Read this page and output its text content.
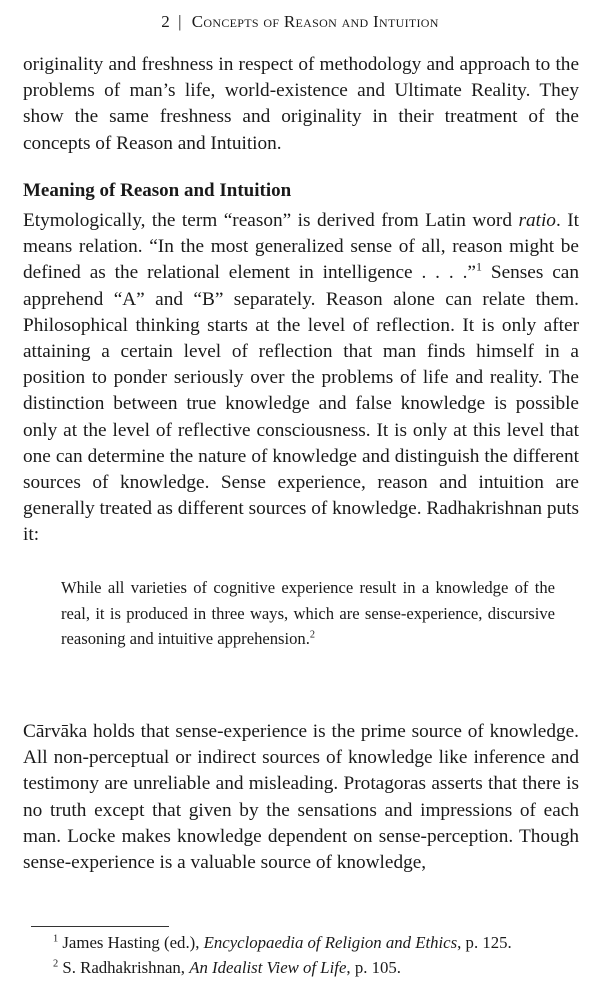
2 | Concepts of Reason and Intuition

originality and freshness in respect of methodology and approach to the problems of man’s life, world-existence and Ultimate Reality. They show the same freshness and originality in their treatment of the concepts of Reason and Intuition.

Meaning of Reason and Intuition

Etymologically, the term “reason” is derived from Latin word ratio. It means relation. “In the most generalized sense of all, reason might be defined as the relational element in intelligence . . . .”$^1$ Senses can apprehend “A” and “B” separately. Reason alone can relate them. Philosophical thinking starts at the level of reflection. It is only after attaining a certain level of reflection that man finds himself in a position to ponder seriously over the problems of life and reality. The distinction between true knowledge and false knowledge is possible only at the level of reflective consciousness. It is only at this level that one can determine the nature of knowledge and distinguish the different sources of knowledge. Sense experience, reason and intuition are generally treated as different sources of knowledge. Radhakrishnan puts it:

While all varieties of cognitive experience result in a knowledge of the real, it is produced in three ways, which are sense-experience, discursive reasoning and intuitive apprehension.$^2$

Cārvāka holds that sense-experience is the prime source of knowledge. All non-perceptual or indirect sources of knowledge like inference and testimony are unreliable and misleading. Protagoras asserts that there is no truth except that given by the sensations and impressions of each man. Locke makes knowledge dependent on sense-perception. Though sense-experience is a valuable source of knowledge,

$^1$ James Hasting (ed.), Encyclopaedia of Religion and Ethics, p. 125.
$^2$ S. Radhakrishnan, An Idealist View of Life, p. 105.
